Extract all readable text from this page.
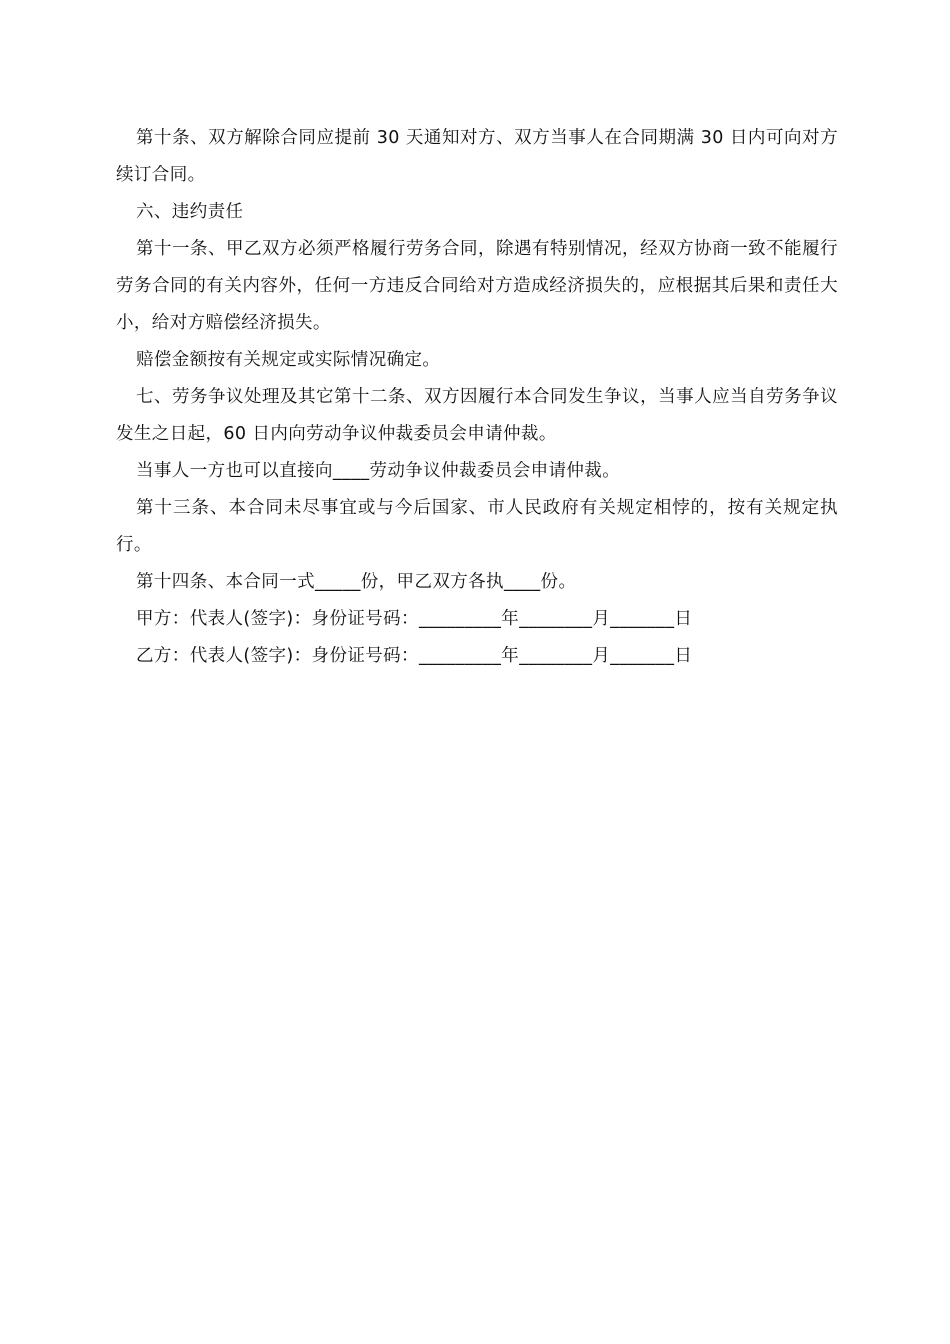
第十条、双方解除合同应提前 30 天通知对方、双方当事人在合同期满 30 日内可向对方续订合同。

六、违约责任

第十一条、甲乙双方必须严格履行劳务合同，除遇有特别情况，经双方协商一致不能履行劳务合同的有关内容外，任何一方违反合同给对方造成经济损失的，应根据其后果和责任大小，给对方赔偿经济损失。

赔偿金额按有关规定或实际情况确定。

七、劳务争议处理及其它第十二条、双方因履行本合同发生争议，当事人应当自劳务争议发生之日起，60 日内向劳动争议仲裁委员会申请仲裁。

当事人一方也可以直接向____劳动争议仲裁委员会申请仲裁。

第十三条、本合同未尽事宜或与今后国家、市人民政府有关规定相悖的，按有关规定执行。

第十四条、本合同一式_____份，甲乙双方各执____份。

甲方：代表人(签字)：身份证号码：_________年________月_______日

乙方：代表人(签字)：身份证号码：_________年________月_______日
